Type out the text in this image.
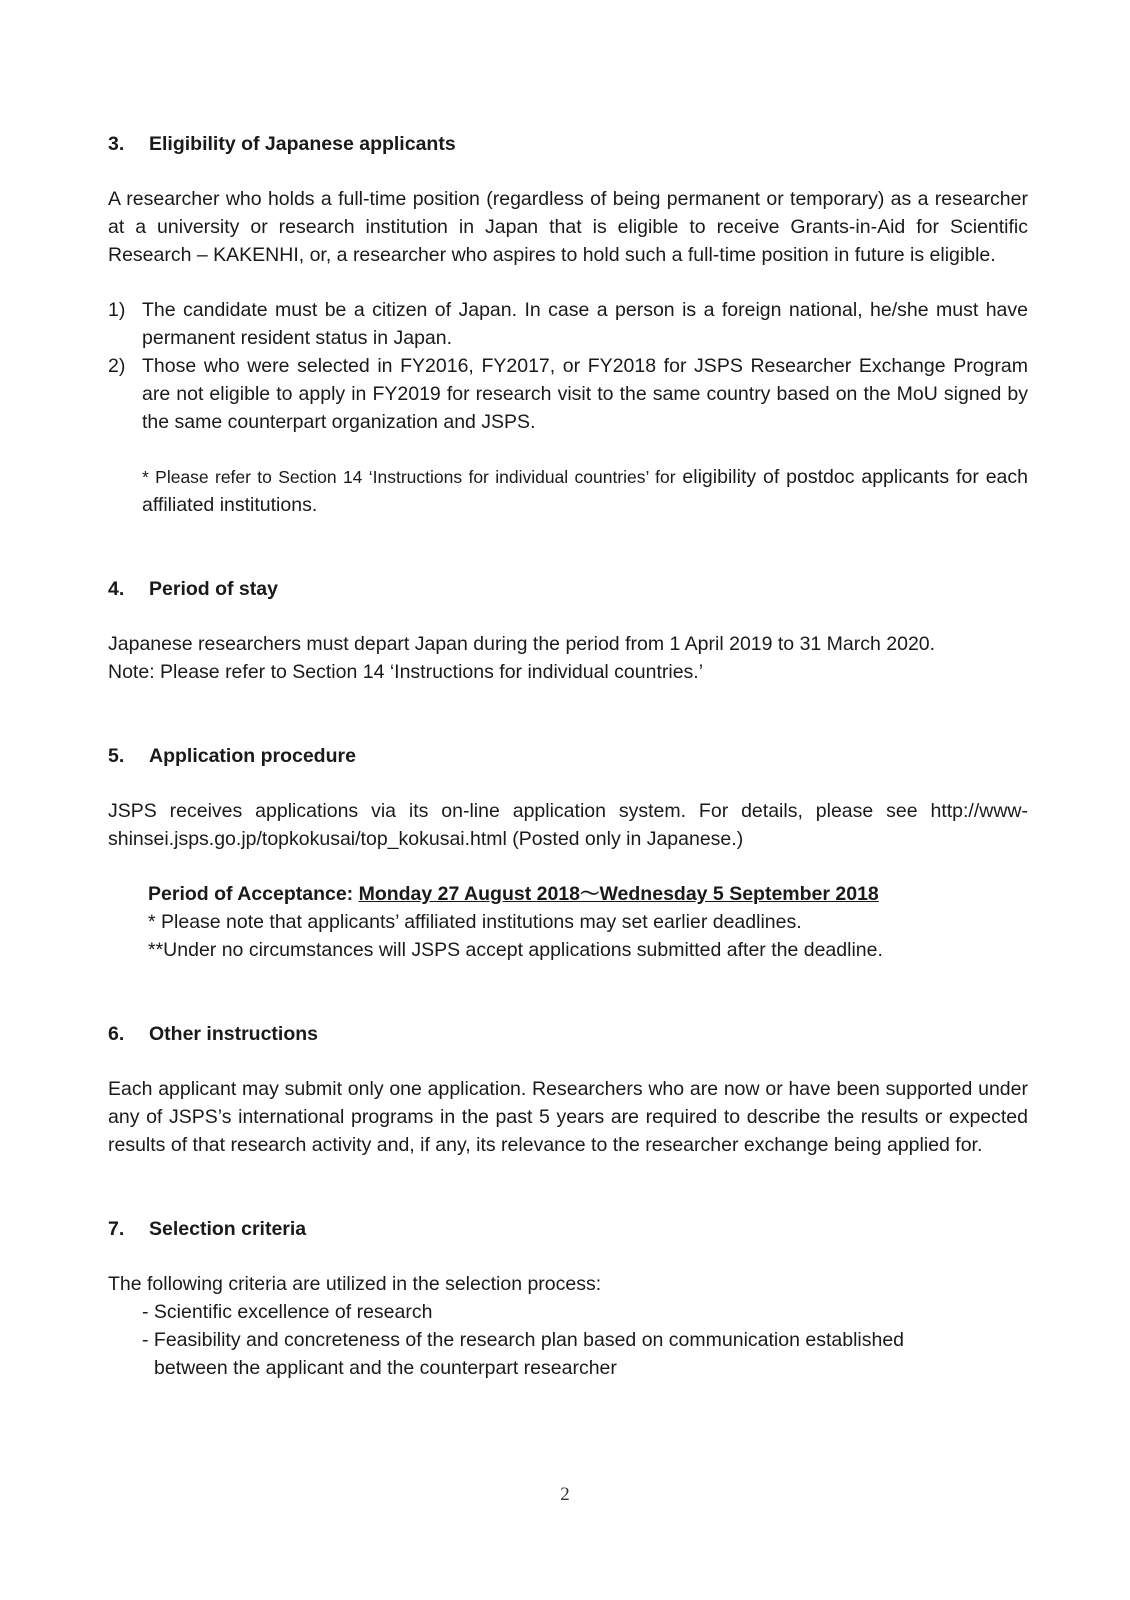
3.	Eligibility of Japanese applicants

A researcher who holds a full-time position (regardless of being permanent or temporary) as a researcher at a university or research institution in Japan that is eligible to receive Grants-in-Aid for Scientific Research – KAKENHI, or, a researcher who aspires to hold such a full-time position in future is eligible.

1) The candidate must be a citizen of Japan. In case a person is a foreign national, he/she must have permanent resident status in Japan.
2) Those who were selected in FY2016, FY2017, or FY2018 for JSPS Researcher Exchange Program are not eligible to apply in FY2019 for research visit to the same country based on the MoU signed by the same counterpart organization and JSPS.

* Please refer to Section 14 ‘Instructions for individual countries’ for eligibility of postdoc applicants for each affiliated institutions.

4.	Period of stay

Japanese researchers must depart Japan during the period from 1 April 2019 to 31 March 2020.

Note: Please refer to Section 14 ‘Instructions for individual countries.’

5.	Application procedure

JSPS receives applications via its on-line application system. For details, please see http://www-shinsei.jsps.go.jp/topkokusai/top_kokusai.html (Posted only in Japanese.)

Period of Acceptance: Monday 27 August 2018～Wednesday 5 September 2018

* Please note that applicants’ affiliated institutions may set earlier deadlines.

**Under no circumstances will JSPS accept applications submitted after the deadline.

6.	Other instructions

Each applicant may submit only one application. Researchers who are now or have been supported under any of JSPS’s international programs in the past 5 years are required to describe the results or expected results of that research activity and, if any, its relevance to the researcher exchange being applied for.

7.	Selection criteria

The following criteria are utilized in the selection process:

- Scientific excellence of research

- Feasibility and concreteness of the research plan based on communication established

between the applicant and the counterpart researcher

2
